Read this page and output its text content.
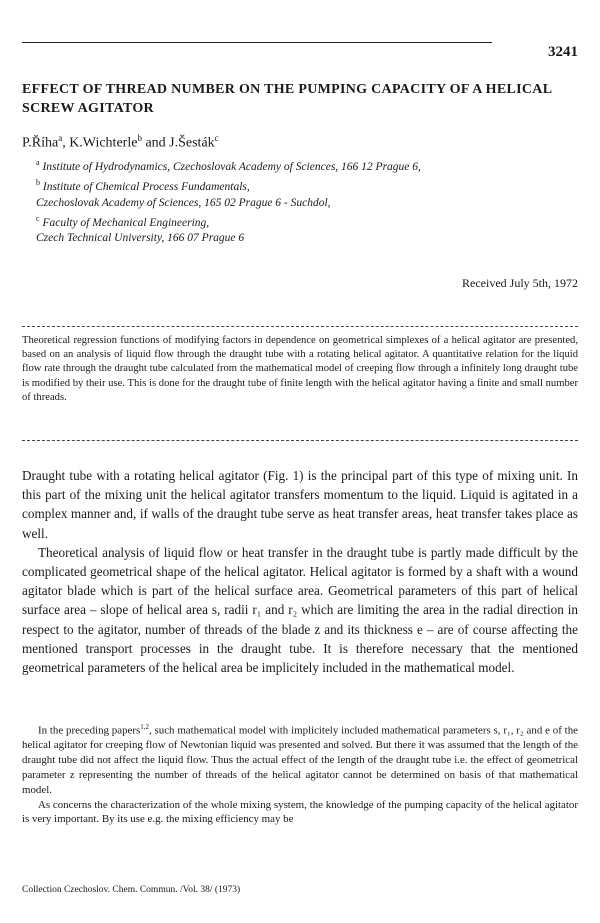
3241
EFFECT OF THREAD NUMBER ON THE PUMPING CAPACITY OF A HELICAL SCREW AGITATOR
P.Říha$^a$, K.Wichterle$^b$ and J.Šesták$^c$
$^a$ Institute of Hydrodynamics, Czechoslovak Academy of Sciences, 166 12 Prague 6,
$^b$ Institute of Chemical Process Fundamentals,
Czechoslovak Academy of Sciences, 165 02 Prague 6 - Suchdol,
$^c$ Faculty of Mechanical Engineering,
Czech Technical University, 166 07 Prague 6
Received July 5th, 1972
Theoretical regression functions of modifying factors in dependence on geometrical simplexes of a helical agitator are presented, based on an analysis of liquid flow through the draught tube with a rotating helical agitator. A quantitative relation for the liquid flow rate through the draught tube calculated from the mathematical model of creeping flow through a infinitely long draught tube is modified by their use. This is done for the draught tube of finite length with the helical agitator having a finite and small number of threads.

Draught tube with a rotating helical agitator (Fig. 1) is the principal part of this type of mixing unit. In this part of the mixing unit the helical agitator transfers momentum to the liquid. Liquid is agitated in a complex manner and, if walls of the draught tube serve as heat transfer areas, heat transfer takes place as well.

Theoretical analysis of liquid flow or heat transfer in the draught tube is partly made difficult by the complicated geometrical shape of the helical agitator. Helical agitator is formed by a shaft with a wound agitator blade which is part of the helical surface area. Geometrical parameters of this part of helical surface area – slope of helical area s, radii r₁ and r₂ which are limiting the area in the radial direction in respect to the agitator, number of threads of the blade z and its thickness e – are of course affecting the mentioned transport processes in the draught tube. It is therefore necessary that the mentioned geometrical parameters of the helical area be implicitely included in the mathematical model.

In the preceding papers$^{1,2}$, such mathematical model with implicitely included mathematical parameters s, r₁, r₂ and e of the helical agitator for creeping flow of Newtonian liquid was presented and solved. But there it was assumed that the length of the draught tube did not affect the liquid flow. Thus the actual effect of the length of the draught tube i.e. the effect of geometrical parameter z representing the number of threads of the helical agitator cannot be determined on basis of that mathematical model.

As concerns the characterization of the whole mixing system, the knowledge of the pumping capacity of the helical agitator is very important. By its use e.g. the mixing efficiency may be

Collection Czechoslov. Chem. Commun. /Vol. 38/ (1973)
